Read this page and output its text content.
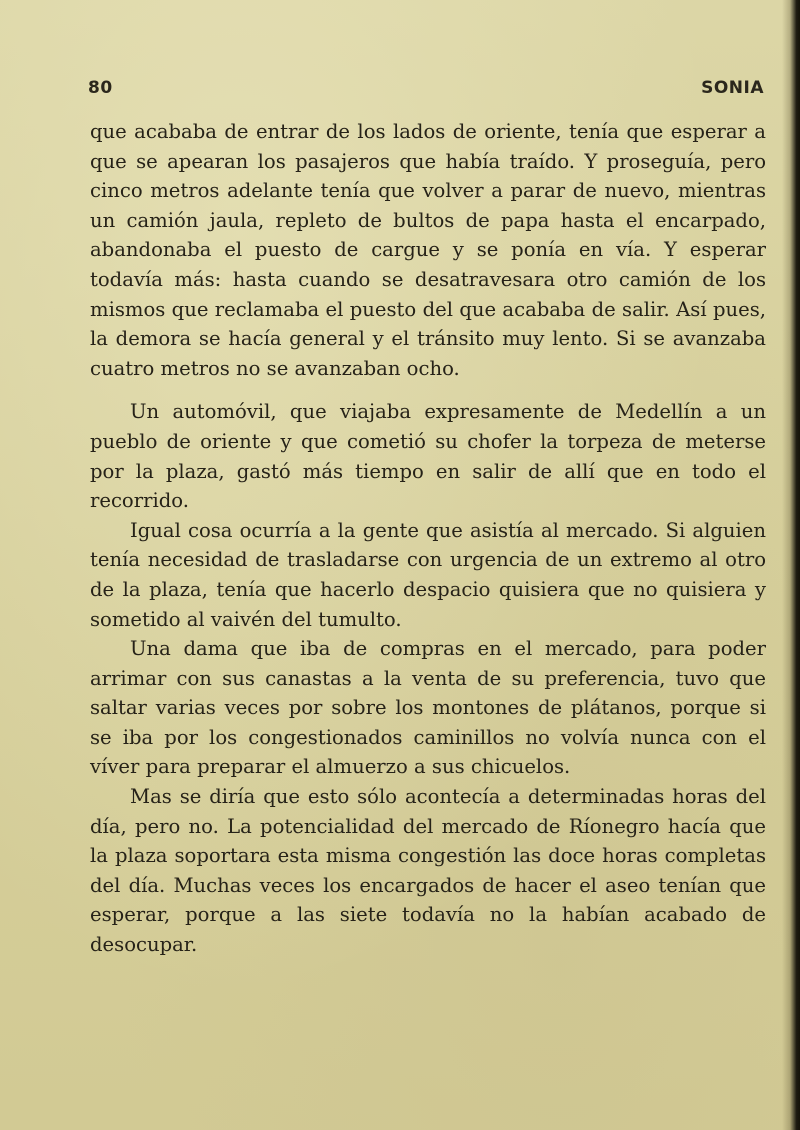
80	SONIA

que acababa de entrar de los lados de oriente, tenía que esperar a que se apearan los pasajeros que había traído. Y proseguía, pero cinco metros adelante tenía que volver a parar de nuevo, mientras un camión jaula, repleto de bultos de papa hasta el encarpado, abandonaba el puesto de cargue y se ponía en vía. Y esperar todavía más: hasta cuando se desatravesara otro camión de los mismos que reclamaba el puesto del que acababa de salir. Así pues, la demora se hacía general y el tránsito muy lento. Si se avanzaba cuatro metros no se avanzaban ocho.

Un automóvil, que viajaba expresamente de Medellín a un pueblo de oriente y que cometió su chofer la torpeza de meterse por la plaza, gastó más tiempo en salir de allí que en todo el recorrido.

Igual cosa ocurría a la gente que asistía al mercado. Si alguien tenía necesidad de trasladarse con urgencia de un extremo al otro de la plaza, tenía que hacerlo despacio quisiera que no quisiera y sometido al vaivén del tumulto.

Una dama que iba de compras en el mercado, para poder arrimar con sus canastas a la venta de su preferencia, tuvo que saltar varias veces por sobre los montones de plátanos, porque si se iba por los congestionados caminillos no volvía nunca con el víver para preparar el almuerzo a sus chicuelos.

Mas se diría que esto sólo acontecía a determinadas horas del día, pero no. La potencialidad del mercado de Ríonegro hacía que la plaza soportara esta misma congestión las doce horas completas del día. Muchas veces los encargados de hacer el aseo tenían que esperar, porque a las siete todavía no la habían acabado de desocupar.
